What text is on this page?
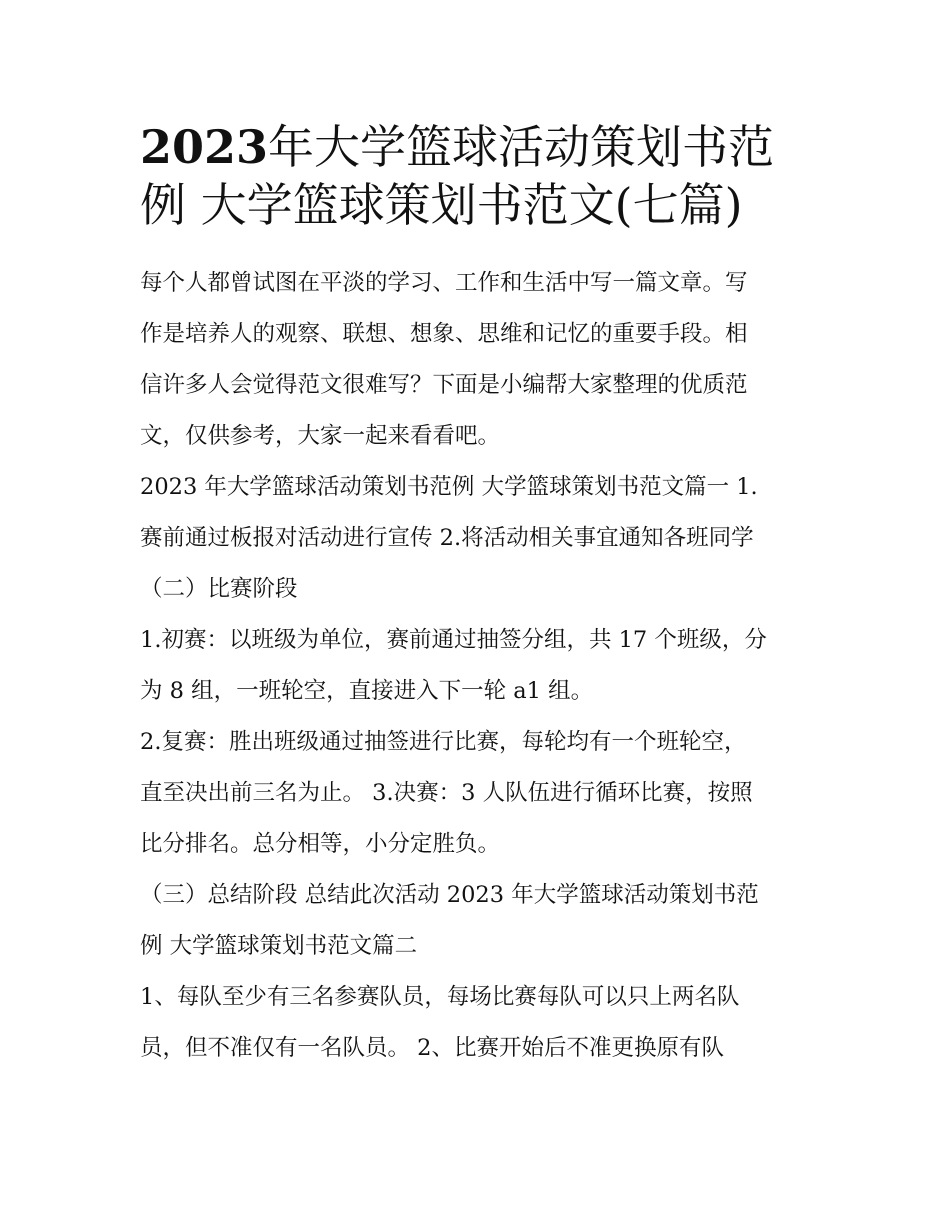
2023年大学篮球活动策划书范
例 大学篮球策划书范文(七篇)

每个人都曾试图在平淡的学习、工作和生活中写一篇文章。写
作是培养人的观察、联想、想象、思维和记忆的重要手段。相
信许多人会觉得范文很难写？下面是小编帮大家整理的优质范
文，仅供参考，大家一起来看看吧。

2023 年大学篮球活动策划书范例 大学篮球策划书范文篇一 1.
赛前通过板报对活动进行宣传 2.将活动相关事宜通知各班同学

（二）比赛阶段

1.初赛：以班级为单位，赛前通过抽签分组，共 17 个班级，分
为 8 组，一班轮空，直接进入下一轮 a1 组。

2.复赛：胜出班级通过抽签进行比赛，每轮均有一个班轮空，
直至决出前三名为止。 3.决赛：3 人队伍进行循环比赛，按照
比分排名。总分相等，小分定胜负。

（三）总结阶段 总结此次活动 2023 年大学篮球活动策划书范
例 大学篮球策划书范文篇二

1、每队至少有三名参赛队员，每场比赛每队可以只上两名队
员，但不准仅有一名队员。 2、比赛开始后不准更换原有队
